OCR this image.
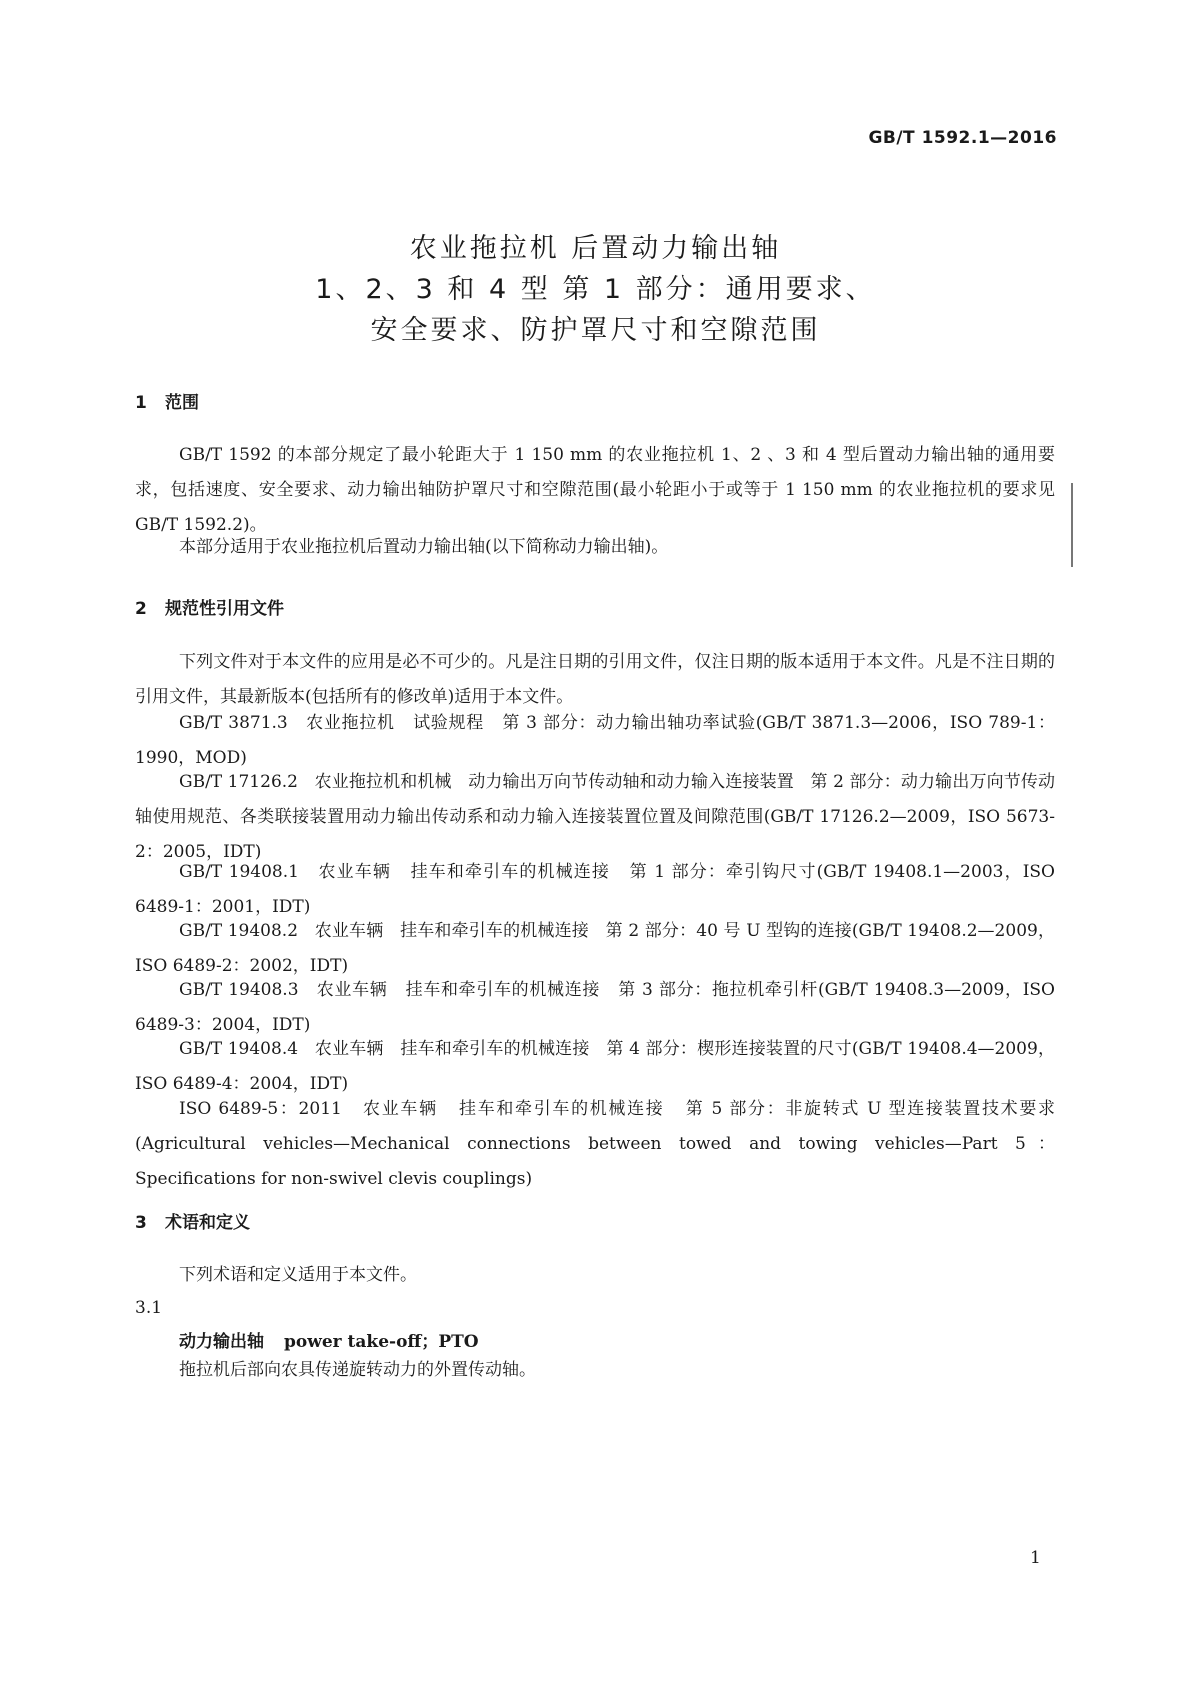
GB/T 1592.1—2016
农业拖拉机 后置动力输出轴
1、2、3 和 4 型 第 1 部分：通用要求、
安全要求、防护罩尺寸和空隙范围
1 范围
GB/T 1592 的本部分规定了最小轮距大于 1 150 mm 的农业拖拉机 1、2 、3 和 4 型后置动力输出轴的通用要求，包括速度、安全要求、动力输出轴防护罩尺寸和空隙范围(最小轮距小于或等于 1 150 mm 的农业拖拉机的要求见 GB/T 1592.2)。
本部分适用于农业拖拉机后置动力输出轴(以下简称动力输出轴)。
2 规范性引用文件
下列文件对于本文件的应用是必不可少的。凡是注日期的引用文件，仅注日期的版本适用于本文件。凡是不注日期的引用文件，其最新版本(包括所有的修改单)适用于本文件。
GB/T 3871.3   农业拖拉机   试验规程   第 3 部分：动力输出轴功率试验(GB/T 3871.3—2006，ISO 789-1：1990，MOD)
GB/T 17126.2   农业拖拉机和机械   动力输出万向节传动轴和动力输入连接装置   第 2 部分：动力输出万向节传动轴使用规范、各类联接装置用动力输出传动系和动力输入连接装置位置及间隙范围(GB/T 17126.2—2009，ISO 5673-2：2005，IDT)
GB/T 19408.1   农业车辆   挂车和牵引车的机械连接   第 1 部分：牵引钩尺寸(GB/T 19408.1—2003，ISO 6489-1：2001，IDT)
GB/T 19408.2   农业车辆   挂车和牵引车的机械连接   第 2 部分：40 号 U 型钩的连接(GB/T 19408.2—2009，ISO 6489-2：2002，IDT)
GB/T 19408.3   农业车辆   挂车和牵引车的机械连接   第 3 部分：拖拉机牵引杆(GB/T 19408.3—2009，ISO 6489-3：2004，IDT)
GB/T 19408.4   农业车辆   挂车和牵引车的机械连接   第 4 部分：楔形连接装置的尺寸(GB/T 19408.4—2009，ISO 6489-4：2004，IDT)
ISO 6489-5：2011   农业车辆   挂车和牵引车的机械连接   第 5 部分：非旋转式 U 型连接装置技术要求(Agricultural vehicles—Mechanical connections between towed and towing vehicles—Part 5：Specifications for non-swivel clevis couplings)
3 术语和定义
下列术语和定义适用于本文件。
3.1
动力输出轴 power take-off；PTO
拖拉机后部向农具传递旋转动力的外置传动轴。
1
